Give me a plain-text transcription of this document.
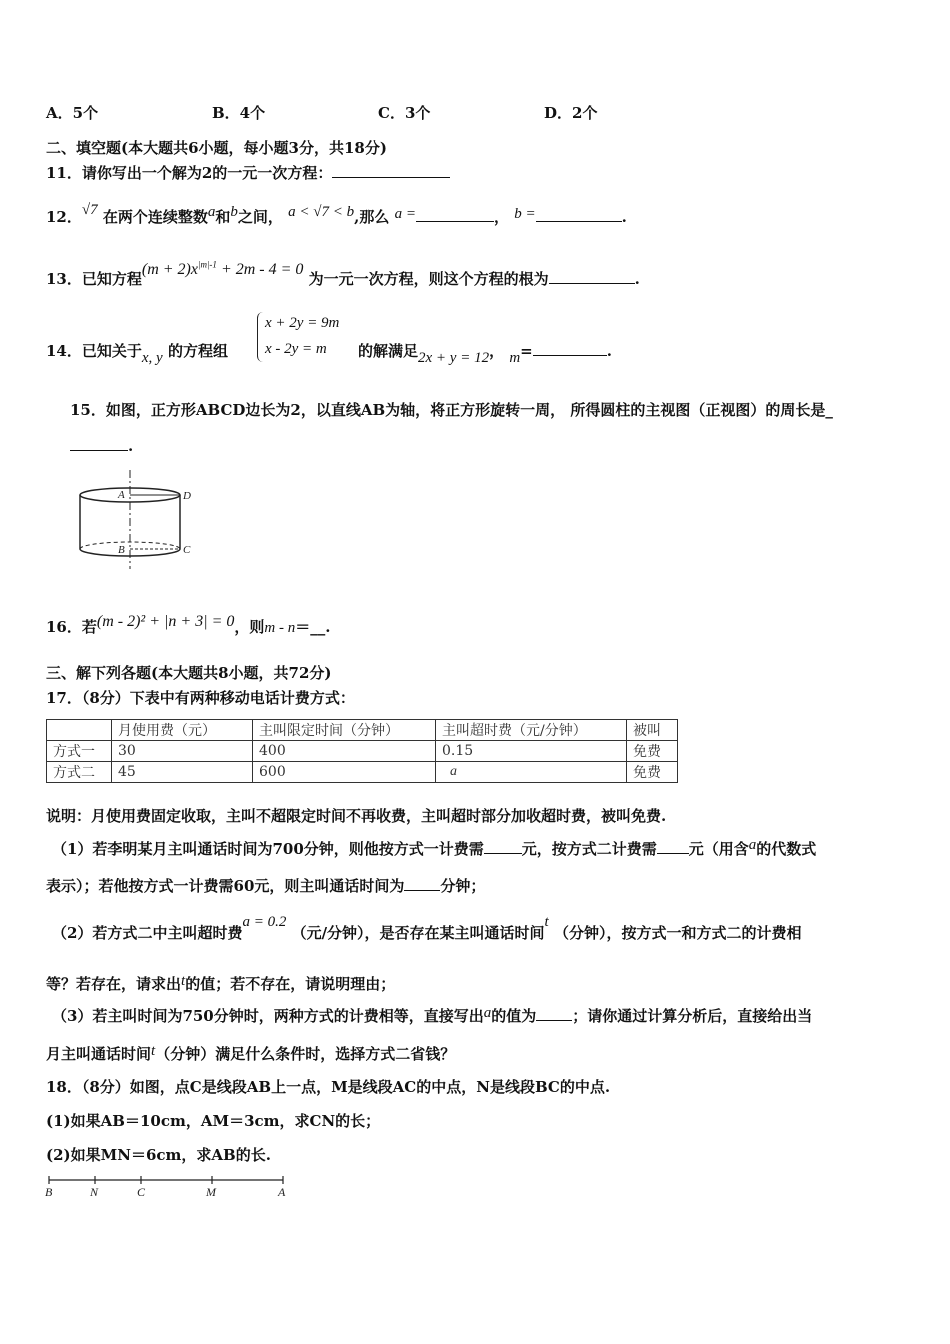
A．5个	B．4个	C．3个	D．2个
二、填空题(本大题共6小题，每小题3分，共18分)
11．请你写出一个解为2的一元一次方程：
12．√7 在两个连续整数a和b之间， a < √7 < b,那么 a =	， b =	.
13．已知方程$(m + 2)x^{|m|-1} + 2m - 4 = 0$ 为一元一次方程，则这个方程的根为	.
14．已知关于x, y 的方程组
x + 2y = 9m
x - 2y = m 的解满足2x + y = 12， m=	.
15．如图，正方形ABCD边长为2，以直线AB为轴，将正方形旋转一周， 所得圆柱的主视图（正视图）的周长是_
.
A	D
B	C
16．若(m - 2)² + |n + 3| = 0，则m - n＝__.
三、解下列各题(本大题共8小题，共72分)
17．（8分）下表中有两种移动电话计费方式：
	月使用费（元）	主叫限定时间（分钟）	主叫超时费（元/分钟）	被叫
方式一	30	400	0.15	免费
方式二	45	600	a	免费
说明：月使用费固定收取，主叫不超限定时间不再收费，主叫超时部分加收超时费，被叫免费.
（1）若李明某月主叫通话时间为700分钟，则他按方式一计费需	元，按方式二计费需 元（用含a的代数式
表示）；若他按方式一计费需60元，则主叫通话时间为 分钟；
（2）若方式二中主叫超时费a = 0.2 （元/分钟），是否存在某主叫通话时间t （分钟），按方式一和方式二的计费相
等？若存在，请求出t的值；若不存在，请说明理由；
（3）若主叫时间为750分钟时，两种方式的计费相等，直接写出a的值为 ；请你通过计算分析后，直接给出当
月主叫通话时间t（分钟）满足什么条件时，选择方式二省钱？
18．（8分）如图，点C是线段AB上一点，M是线段AC的中点，N是线段BC的中点.
(1)如果AB＝10cm，AM＝3cm，求CN的长；
(2)如果MN＝6cm，求AB的长.
B	N	C	M	A
